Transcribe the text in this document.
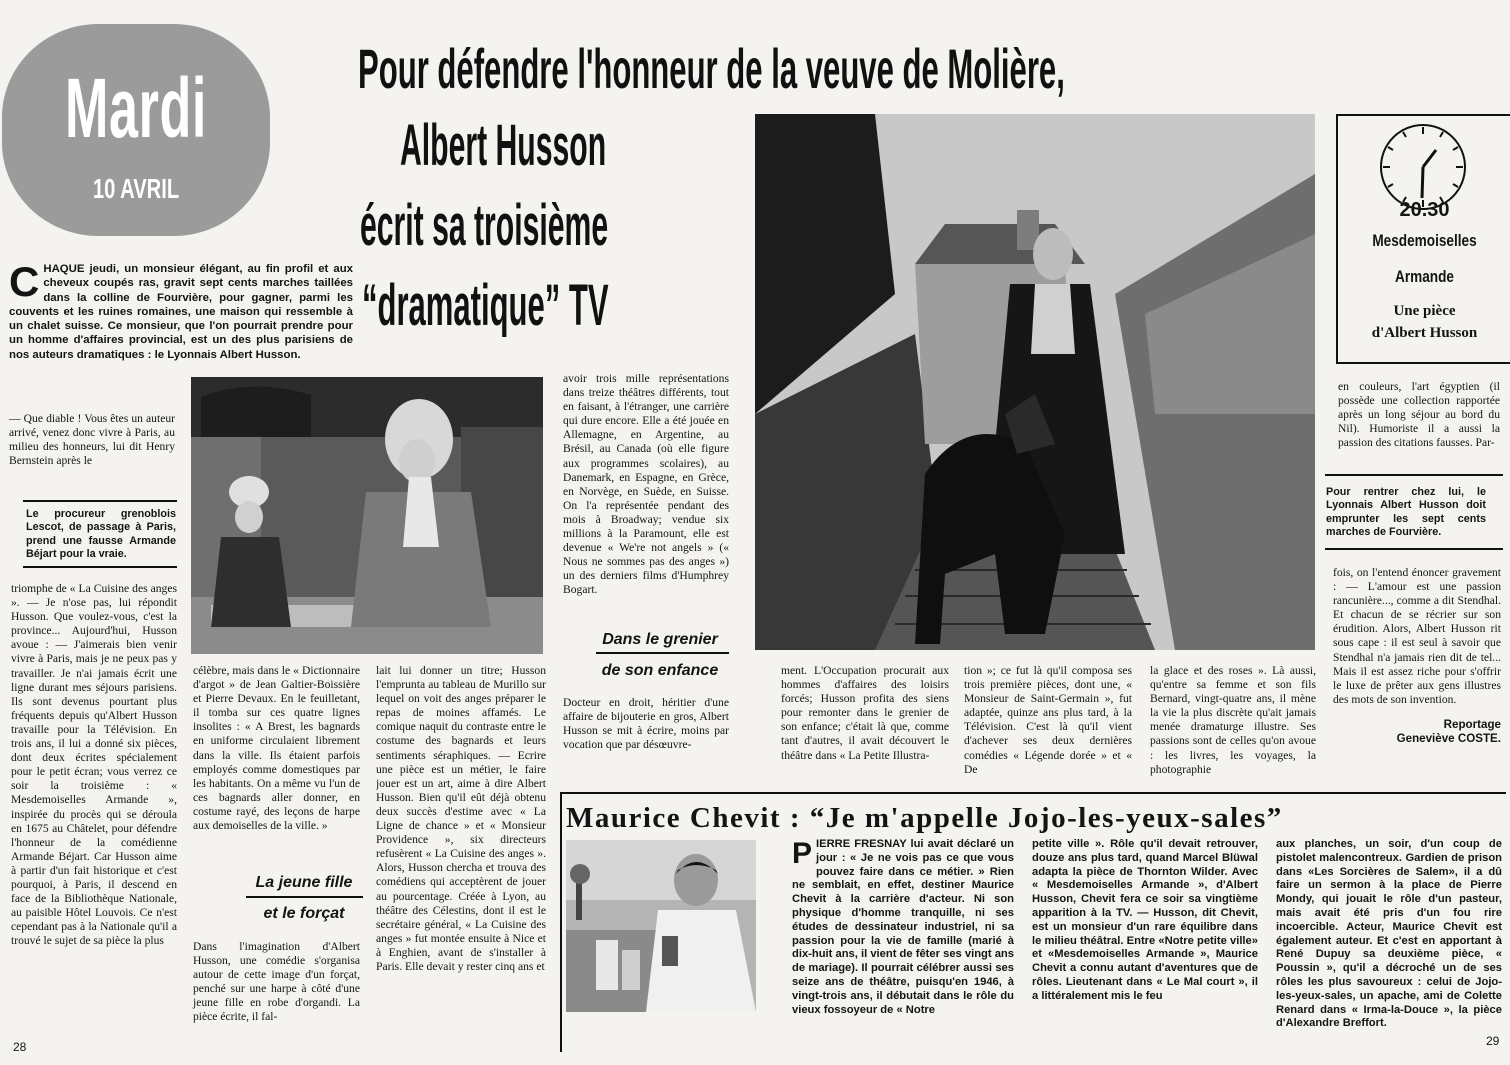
Mardi
10 AVRIL
Pour défendre l'honneur de la veuve de Molière,
Albert Husson
écrit sa troisième
“dramatique” TV
CHAQUE jeudi, un monsieur élégant, au fin profil et aux cheveux coupés ras, gravit sept cents marches taillées dans la colline de Fourvière, pour gagner, parmi les couvents et les ruines romaines, une maison qui ressemble à un chalet suisse. Ce monsieur, que l'on pourrait prendre pour un homme d'affaires provincial, est un des plus parisiens de nos auteurs dramatiques : le Lyonnais Albert Husson.
— Que diable ! Vous êtes un auteur arrivé, venez donc vivre à Paris, au milieu des honneurs, lui dit Henry Bernstein après le
Le procureur grenoblois Lescot, de passage à Paris, prend une fausse Armande Béjart pour la vraie.
triomphe de « La Cuisine des anges ». — Je n'ose pas, lui répondit Husson. Que voulez-vous, c'est la province... Aujourd'hui, Husson avoue : — J'aimerais bien venir vivre à Paris, mais je ne peux pas y travailler. Je n'ai jamais écrit une ligne durant mes séjours parisiens. Ils sont devenus pourtant plus fréquents depuis qu'Albert Husson travaille pour la Télévision. En trois ans, il lui a donné six pièces, dont deux écrites spécialement pour le petit écran; vous verrez ce soir la troisième : « Mesdemoiselles Armande », inspirée du procès qui se déroula en 1675 au Châtelet, pour défendre l'honneur de la comédienne Armande Béjart. Car Husson aime à partir d'un fait historique et c'est pourquoi, à Paris, il descend en face de la Bibliothèque Nationale, au paisible Hôtel Louvois. Ce n'est cependant pas à la Nationale qu'il a trouvé le sujet de sa pièce la plus
avoir trois mille représentations dans treize théâtres différents, tout en faisant, à l'étranger, une carrière qui dure encore. Elle a été jouée en Allemagne, en Argentine, au Brésil, au Canada (où elle figure aux programmes scolaires), au Danemark, en Espagne, en Grèce, en Norvège, en Suède, en Suisse. On l'a représentée pendant des mois à Broadway; vendue six millions à la Paramount, elle est devenue « We're not angels » (« Nous ne sommes pas des anges ») un des derniers films d'Humphrey Bogart.
Dans le grenier
de son enfance
célèbre, mais dans le « Dictionnaire d'argot » de Jean Galtier-Boissière et Pierre Devaux. En le feuilletant, il tomba sur ces quatre lignes insolites : « A Brest, les bagnards en uniforme circulaient librement dans la ville. Ils étaient parfois employés comme domestiques par les habitants. On a même vu l'un de ces bagnards aller donner, en costume rayé, des leçons de harpe aux demoiselles de la ville. »
La jeune fille
et le forçat
Dans l'imagination d'Albert Husson, une comédie s'organisa autour de cette image d'un forçat, penché sur une harpe à côté d'une jeune fille en robe d'organdi. La pièce écrite, il fal-
lait lui donner un titre; Husson l'emprunta au tableau de Murillo sur lequel on voit des anges préparer le repas de moines affamés. Le comique naquit du contraste entre le costume des bagnards et leurs sentiments séraphiques. — Ecrire une pièce est un métier, le faire jouer est un art, aime à dire Albert Husson. Bien qu'il eût déjà obtenu deux succès d'estime avec « La Ligne de chance » et « Monsieur Providence », six directeurs refusèrent « La Cuisine des anges ». Alors, Husson chercha et trouva des comédiens qui acceptèrent de jouer au pourcentage. Créée à Lyon, au théâtre des Célestins, dont il est le secrétaire général, « La Cuisine des anges » fut montée ensuite à Nice et à Enghien, avant de s'installer à Paris. Elle devait y rester cinq ans et
Docteur en droit, héritier d'une affaire de bijouterie en gros, Albert Husson se mit à écrire, moins par vocation que par désœuvre-
20.30
Mesdemoiselles
Armande
Une pièce
d'Albert Husson
en couleurs, l'art égyptien (il possède une collection rapportée après un long séjour au bord du Nil). Humoriste il a aussi la passion des citations fausses. Par-
Pour rentrer chez lui, le Lyonnais Albert Husson doit emprunter les sept cents marches de Fourvière.
fois, on l'entend énoncer gravement : — L'amour est une passion rancunière..., comme a dit Stendhal. Et chacun de se récrier sur son érudition. Alors, Albert Husson rit sous cape : il est seul à savoir que Stendhal n'a jamais rien dit de tel... Mais il est assez riche pour s'offrir le luxe de prêter aux gens illustres des mots de son invention.
Reportage
Geneviève COSTE.
ment. L'Occupation procurait aux hommes d'affaires des loisirs forcés; Husson profita des siens pour remonter dans le grenier de son enfance; c'était là que, comme tant d'autres, il avait découvert le théâtre dans « La Petite Illustra-
tion »; ce fut là qu'il composa ses trois première pièces, dont une, « Monsieur de Saint-Germain », fut adaptée, quinze ans plus tard, à la Télévision. C'est là qu'il vient d'achever ses deux dernières comédies « Légende dorée » et « De
la glace et des roses ». Là aussi, qu'entre sa femme et son fils Bernard, vingt-quatre ans, il mène la vie la plus discrète qu'ait jamais menée dramaturge illustre. Ses passions sont de celles qu'on avoue : les livres, les voyages, la photographie
Maurice Chevit : “Je m'appelle Jojo-les-yeux-sales”
PIERRE FRESNAY lui avait déclaré un jour : « Je ne vois pas ce que vous pouvez faire dans ce métier. » Rien ne semblait, en effet, destiner Maurice Chevit à la carrière d'acteur. Ni son physique d'homme tranquille, ni ses études de dessinateur industriel, ni sa passion pour la vie de famille (marié à dix-huit ans, il vient de fêter ses vingt ans de mariage). Il pourrait célébrer aussi ses seize ans de théâtre, puisqu'en 1946, à vingt-trois ans, il débutait dans le rôle du vieux fossoyeur de « Notre
petite ville ». Rôle qu'il devait retrouver, douze ans plus tard, quand Marcel Blüwal adapta la pièce de Thornton Wilder. Avec « Mesdemoiselles Armande », d'Albert Husson, Chevit fera ce soir sa vingtième apparition à la TV. — Husson, dit Chevit, est un monsieur d'un rare équilibre dans le milieu théâtral. Entre «Notre petite ville» et «Mesdemoiselles Armande », Maurice Chevit a connu autant d'aventures que de rôles. Lieutenant dans « Le Mal court », il a littéralement mis le feu
aux planches, un soir, d'un coup de pistolet malencontreux. Gardien de prison dans «Les Sorcières de Salem», il a dû faire un sermon à la place de Pierre Mondy, qui jouait le rôle d'un pasteur, mais avait été pris d'un fou rire incoercible. Acteur, Maurice Chevit est également auteur. Et c'est en apportant à René Dupuy sa deuxième pièce, « Poussin », qu'il a décroché un de ses rôles les plus savoureux : celui de Jojo-les-yeux-sales, un apache, ami de Colette Renard dans « Irma-la-Douce », la pièce d'Alexandre Breffort.
28	29
